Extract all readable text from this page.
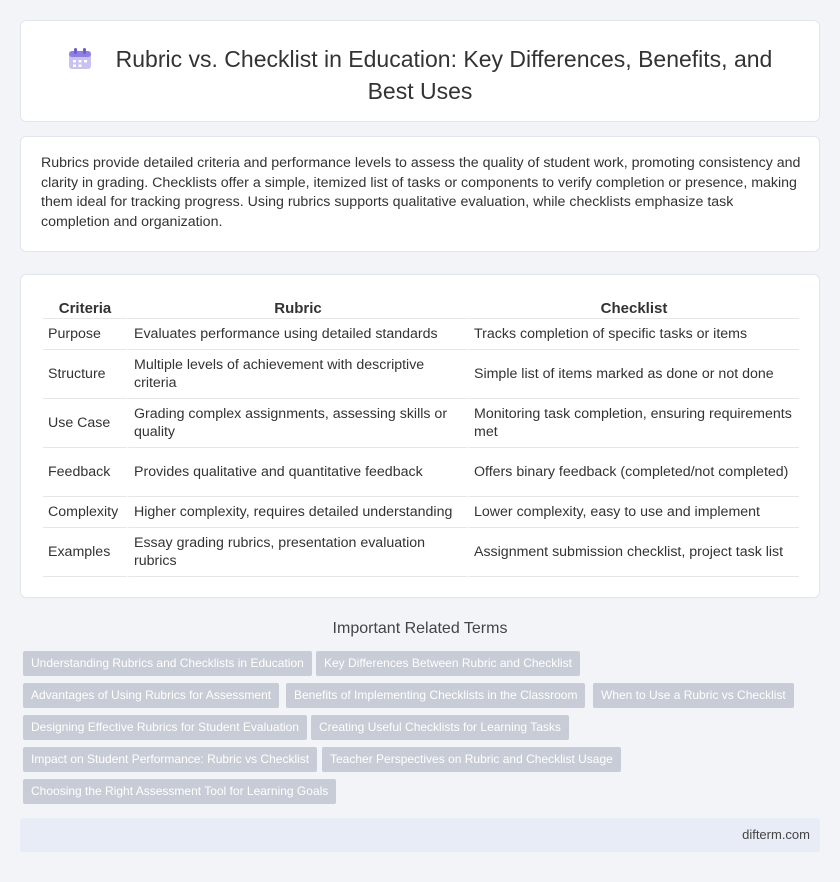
Rubric vs. Checklist in Education: Key Differences, Benefits, and Best Uses

Rubrics provide detailed criteria and performance levels to assess the quality of student work, promoting consistency and clarity in grading. Checklists offer a simple, itemized list of tasks or components to verify completion or presence, making them ideal for tracking progress. Using rubrics supports qualitative evaluation, while checklists emphasize task completion and organization.

Criteria	Rubric	Checklist
Purpose	Evaluates performance using detailed standards	Tracks completion of specific tasks or items
Structure	Multiple levels of achievement with descriptive criteria	Simple list of items marked as done or not done
Use Case	Grading complex assignments, assessing skills or quality	Monitoring task completion, ensuring requirements met
Feedback	Provides qualitative and quantitative feedback	Offers binary feedback (completed/not completed)
Complexity	Higher complexity, requires detailed understanding	Lower complexity, easy to use and implement
Examples	Essay grading rubrics, presentation evaluation rubrics	Assignment submission checklist, project task list
Important Related Terms
Understanding Rubrics and Checklists in Education	Key Differences Between Rubric and Checklist
Advantages of Using Rubrics for Assessment	Benefits of Implementing Checklists in the Classroom	When to Use a Rubric vs Checklist
Designing Effective Rubrics for Student Evaluation	Creating Useful Checklists for Learning Tasks
Impact on Student Performance: Rubric vs Checklist	Teacher Perspectives on Rubric and Checklist Usage
Choosing the Right Assessment Tool for Learning Goals
difterm.com
